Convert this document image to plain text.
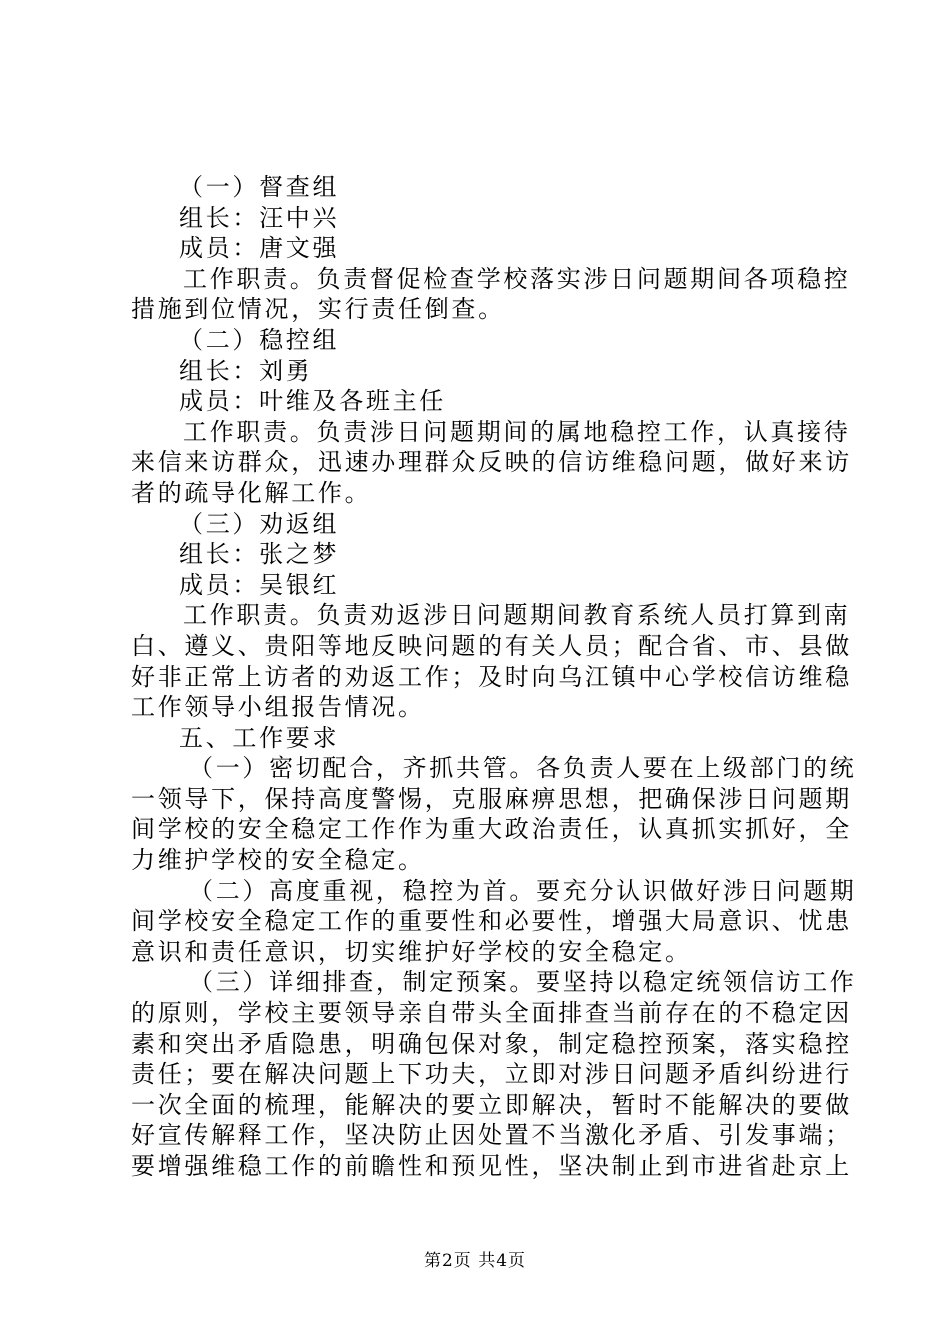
（一）督查组
组长：汪中兴
成员：唐文强
工作职责。负责督促检查学校落实涉日问题期间各项稳控
措施到位情况，实行责任倒查。
（二）稳控组
组长：刘勇
成员：叶维及各班主任
工作职责。负责涉日问题期间的属地稳控工作，认真接待
来信来访群众，迅速办理群众反映的信访维稳问题，做好来访
者的疏导化解工作。
（三）劝返组
组长：张之梦
成员：吴银红
工作职责。负责劝返涉日问题期间教育系统人员打算到南
白、遵义、贵阳等地反映问题的有关人员；配合省、市、县做
好非正常上访者的劝返工作；及时向乌江镇中心学校信访维稳
工作领导小组报告情况。
五、工作要求
（一）密切配合，齐抓共管。各负责人要在上级部门的统
一领导下，保持高度警惕，克服麻痹思想，把确保涉日问题期
间学校的安全稳定工作作为重大政治责任，认真抓实抓好，全
力维护学校的安全稳定。
（二）高度重视，稳控为首。要充分认识做好涉日问题期
间学校安全稳定工作的重要性和必要性，增强大局意识、忧患
意识和责任意识，切实维护好学校的安全稳定。
（三）详细排查，制定预案。要坚持以稳定统领信访工作
的原则，学校主要领导亲自带头全面排查当前存在的不稳定因
素和突出矛盾隐患，明确包保对象，制定稳控预案，落实稳控
责任；要在解决问题上下功夫，立即对涉日问题矛盾纠纷进行
一次全面的梳理，能解决的要立即解决，暂时不能解决的要做
好宣传解释工作，坚决防止因处置不当激化矛盾、引发事端；
要增强维稳工作的前瞻性和预见性，坚决制止到市进省赴京上
第2页 共4页
